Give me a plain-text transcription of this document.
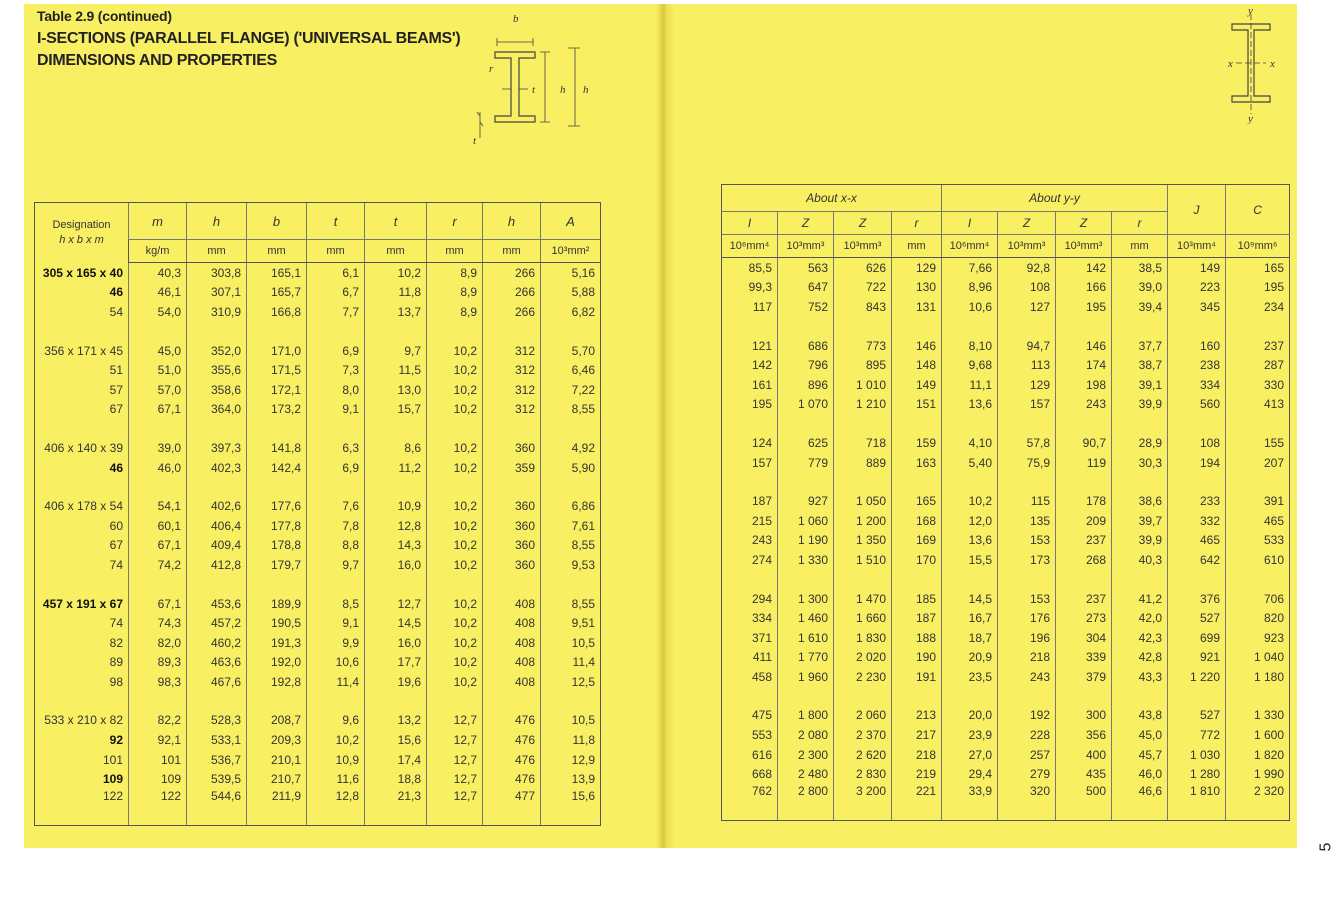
Table 2.9 (continued)
I-SECTIONS (PARALLEL FLANGE) ('UNIVERSAL BEAMS')
DIMENSIONS AND PROPERTIES
b
r
t h h
t
y
y
x	x
Designation
h x b x m	m	h	b	t	t	r	h	A
	kg/m	mm	mm	mm	mm	mm	mm	10³mm²
305 x 165 x 40	40,3	303,8	165,1	6,1	10,2	8,9	266	5,16
46	46,1	307,1	165,7	6,7	11,8	8,9	266	5,88
54	54,0	310,9	166,8	7,7	13,7	8,9	266	6,82

356 x 171 x 45	45,0	352,0	171,0	6,9	9,7	10,2	312	5,70
51	51,0	355,6	171,5	7,3	11,5	10,2	312	6,46
57	57,0	358,6	172,1	8,0	13,0	10,2	312	7,22
67	67,1	364,0	173,2	9,1	15,7	10,2	312	8,55

406 x 140 x 39	39,0	397,3	141,8	6,3	8,6	10,2	360	4,92
46	46,0	402,3	142,4	6,9	11,2	10,2	359	5,90

406 x 178 x 54	54,1	402,6	177,6	7,6	10,9	10,2	360	6,86
60	60,1	406,4	177,8	7,8	12,8	10,2	360	7,61
67	67,1	409,4	178,8	8,8	14,3	10,2	360	8,55
74	74,2	412,8	179,7	9,7	16,0	10,2	360	9,53

457 x 191 x 67	67,1	453,6	189,9	8,5	12,7	10,2	408	8,55
74	74,3	457,2	190,5	9,1	14,5	10,2	408	9,51
82	82,0	460,2	191,3	9,9	16,0	10,2	408	10,5
89	89,3	463,6	192,0	10,6	17,7	10,2	408	11,4
98	98,3	467,6	192,8	11,4	19,6	10,2	408	12,5

533 x 210 x 82	82,2	528,3	208,7	9,6	13,2	12,7	476	10,5
92	92,1	533,1	209,3	10,2	15,6	12,7	476	11,8
101	101	536,7	210,1	10,9	17,4	12,7	476	12,9
109	109	539,5	210,7	11,6	18,8	12,7	476	13,9
122	122	544,6	211,9	12,8	21,3	12,7	477	15,6
About x-x				About y-y				J	C
I	Z	Z	r	I	Z	Z	r		
10⁶mm⁴	10³mm³	10³mm³	mm	10⁶mm⁴	10³mm³	10³mm³	mm	10³mm⁴	10⁹mm⁶
85,5	563	626	129	7,66	92,8	142	38,5	149	165
99,3	647	722	130	8,96	108	166	39,0	223	195
117	752	843	131	10,6	127	195	39,4	345	234

121	686	773	146	8,10	94,7	146	37,7	160	237
142	796	895	148	9,68	113	174	38,7	238	287
161	896	1 010	149	11,1	129	198	39,1	334	330
195	1 070	1 210	151	13,6	157	243	39,9	560	413

124	625	718	159	4,10	57,8	90,7	28,9	108	155
157	779	889	163	5,40	75,9	119	30,3	194	207

187	927	1 050	165	10,2	115	178	38,6	233	391
215	1 060	1 200	168	12,0	135	209	39,7	332	465
243	1 190	1 350	169	13,6	153	237	39,9	465	533
274	1 330	1 510	170	15,5	173	268	40,3	642	610

294	1 300	1 470	185	14,5	153	237	41,2	376	706
334	1 460	1 660	187	16,7	176	273	42,0	527	820
371	1 610	1 830	188	18,7	196	304	42,3	699	923
411	1 770	2 020	190	20,9	218	339	42,8	921	1 040
458	1 960	2 230	191	23,5	243	379	43,3	1 220	1 180

475	1 800	2 060	213	20,0	192	300	43,8	527	1 330
553	2 080	2 370	217	23,9	228	356	45,0	772	1 600
616	2 300	2 620	218	27,0	257	400	45,7	1 030	1 820
668	2 480	2 830	219	29,4	279	435	46,0	1 280	1 990
762	2 800	3 200	221	33,9	320	500	46,6	1 810	2 320
5
